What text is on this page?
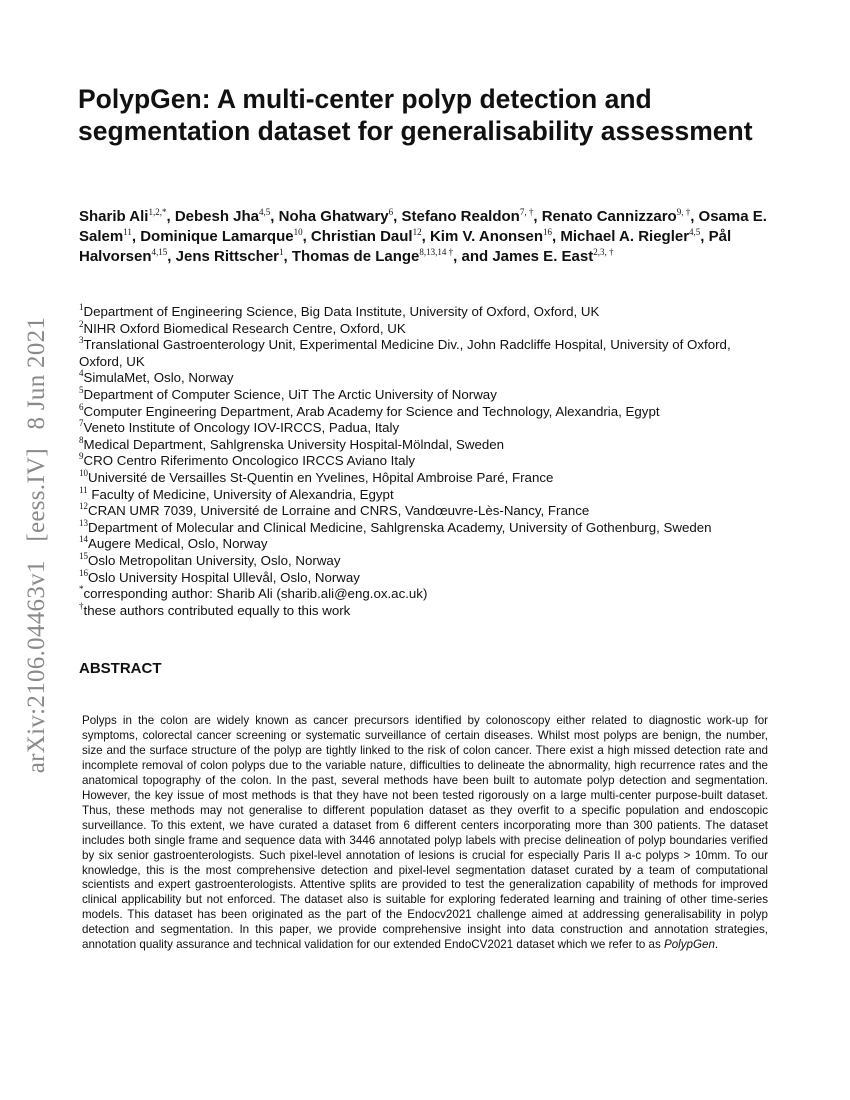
arXiv:2106.04463v1 [eess.IV] 8 Jun 2021
PolypGen: A multi-center polyp detection and segmentation dataset for generalisability assessment

Sharib Ali$^{1,2,*}$, Debesh Jha$^{4,5}$, Noha Ghatwary$^6$, Stefano Realdon$^{7, \dagger}$, Renato Cannizzaro$^{9, \dagger}$, Osama E. Salem$^{11}$, Dominique Lamarque$^{10}$, Christian Daul$^{12}$, Kim V. Anonsen$^{16}$, Michael A. Riegler$^{4,5}$, Pål Halvorsen$^{4,15}$, Jens Rittscher$^1$, Thomas de Lange$^{8,13,14 \dagger}$, and James E. East$^{2,3, \dagger}$

$^1$Department of Engineering Science, Big Data Institute, University of Oxford, Oxford, UK
$^2$NIHR Oxford Biomedical Research Centre, Oxford, UK
$^3$Translational Gastroenterology Unit, Experimental Medicine Div., John Radcliffe Hospital, University of Oxford, Oxford, UK
$^4$SimulaMet, Oslo, Norway
$^5$Department of Computer Science, UiT The Arctic University of Norway
$^6$Computer Engineering Department, Arab Academy for Science and Technology, Alexandria, Egypt
$^7$Veneto Institute of Oncology IOV-IRCCS, Padua, Italy
$^8$Medical Department, Sahlgrenska University Hospital-Mölndal, Sweden
$^9$CRO Centro Riferimento Oncologico IRCCS Aviano Italy
$^{10}$Université de Versailles St-Quentin en Yvelines, Hôpital Ambroise Paré, France
$^{11}$ Faculty of Medicine, University of Alexandria, Egypt
$^{12}$CRAN UMR 7039, Université de Lorraine and CNRS, Vandœuvre-Lès-Nancy, France
$^{13}$Department of Molecular and Clinical Medicine, Sahlgrenska Academy, University of Gothenburg, Sweden
$^{14}$Augere Medical, Oslo, Norway
$^{15}$Oslo Metropolitan University, Oslo, Norway
$^{16}$Oslo University Hospital Ullevål, Oslo, Norway
*corresponding author: Sharib Ali (sharib.ali@eng.ox.ac.uk)
†these authors contributed equally to this work
ABSTRACT

Polyps in the colon are widely known as cancer precursors identified by colonoscopy either related to diagnostic work-up for symptoms, colorectal cancer screening or systematic surveillance of certain diseases. Whilst most polyps are benign, the number, size and the surface structure of the polyp are tightly linked to the risk of colon cancer. There exist a high missed detection rate and incomplete removal of colon polyps due to the variable nature, difficulties to delineate the abnormality, high recurrence rates and the anatomical topography of the colon. In the past, several methods have been built to automate polyp detection and segmentation. However, the key issue of most methods is that they have not been tested rigorously on a large multi-center purpose-built dataset. Thus, these methods may not generalise to different population dataset as they overfit to a specific population and endoscopic surveillance. To this extent, we have curated a dataset from 6 different centers incorporating more than 300 patients. The dataset includes both single frame and sequence data with 3446 annotated polyp labels with precise delineation of polyp boundaries verified by six senior gastroenterologists. Such pixel-level annotation of lesions is crucial for especially Paris II a-c polyps > 10mm. To our knowledge, this is the most comprehensive detection and pixel-level segmentation dataset curated by a team of computational scientists and expert gastroenterologists. Attentive splits are provided to test the generalization capability of methods for improved clinical applicability but not enforced. The dataset also is suitable for exploring federated learning and training of other time-series models. This dataset has been originated as the part of the Endocv2021 challenge aimed at addressing generalisability in polyp detection and segmentation. In this paper, we provide comprehensive insight into data construction and annotation strategies, annotation quality assurance and technical validation for our extended EndoCV2021 dataset which we refer to as PolypGen.
